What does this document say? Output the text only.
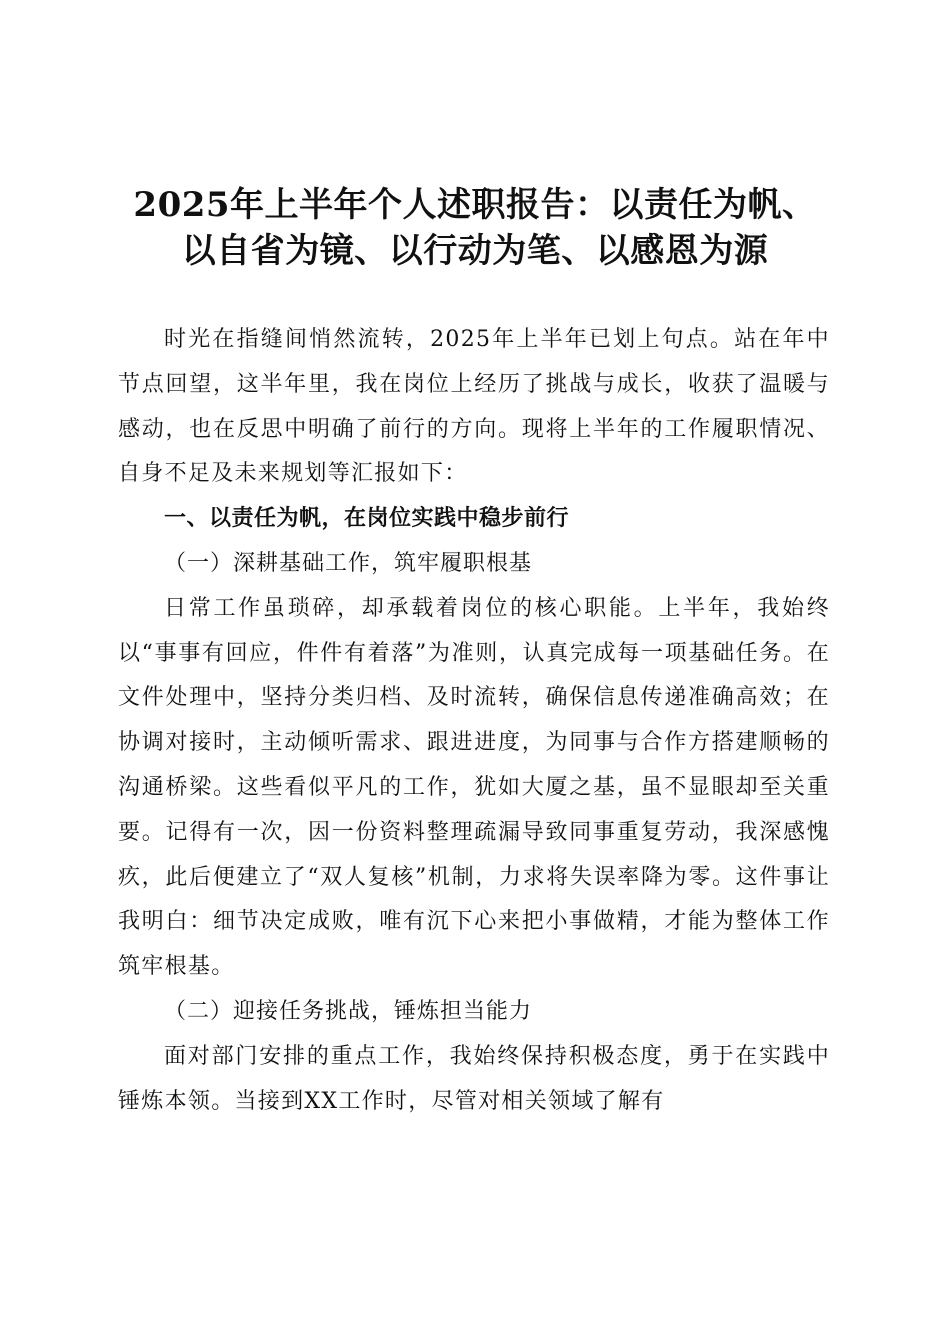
2025年上半年个人述职报告：以责任为帆、
以自省为镜、以行动为笔、以感恩为源

时光在指缝间悄然流转，2025年上半年已划上句点。站在年中节点回望，这半年里，我在岗位上经历了挑战与成长，收获了温暖与感动，也在反思中明确了前行的方向。现将上半年的工作履职情况、自身不足及未来规划等汇报如下：

一、以责任为帆，在岗位实践中稳步前行

（一）深耕基础工作，筑牢履职根基

日常工作虽琐碎，却承载着岗位的核心职能。上半年，我始终以“事事有回应，件件有着落”为准则，认真完成每一项基础任务。在文件处理中，坚持分类归档、及时流转，确保信息传递准确高效；在协调对接时，主动倾听需求、跟进进度，为同事与合作方搭建顺畅的沟通桥梁。这些看似平凡的工作，犹如大厦之基，虽不显眼却至关重要。记得有一次，因一份资料整理疏漏导致同事重复劳动，我深感愧疚，此后便建立了“双人复核”机制，力求将失误率降为零。这件事让我明白：细节决定成败，唯有沉下心来把小事做精，才能为整体工作筑牢根基。

（二）迎接任务挑战，锤炼担当能力

面对部门安排的重点工作，我始终保持积极态度，勇于在实践中锤炼本领。当接到XX工作时，尽管对相关领域了解有
